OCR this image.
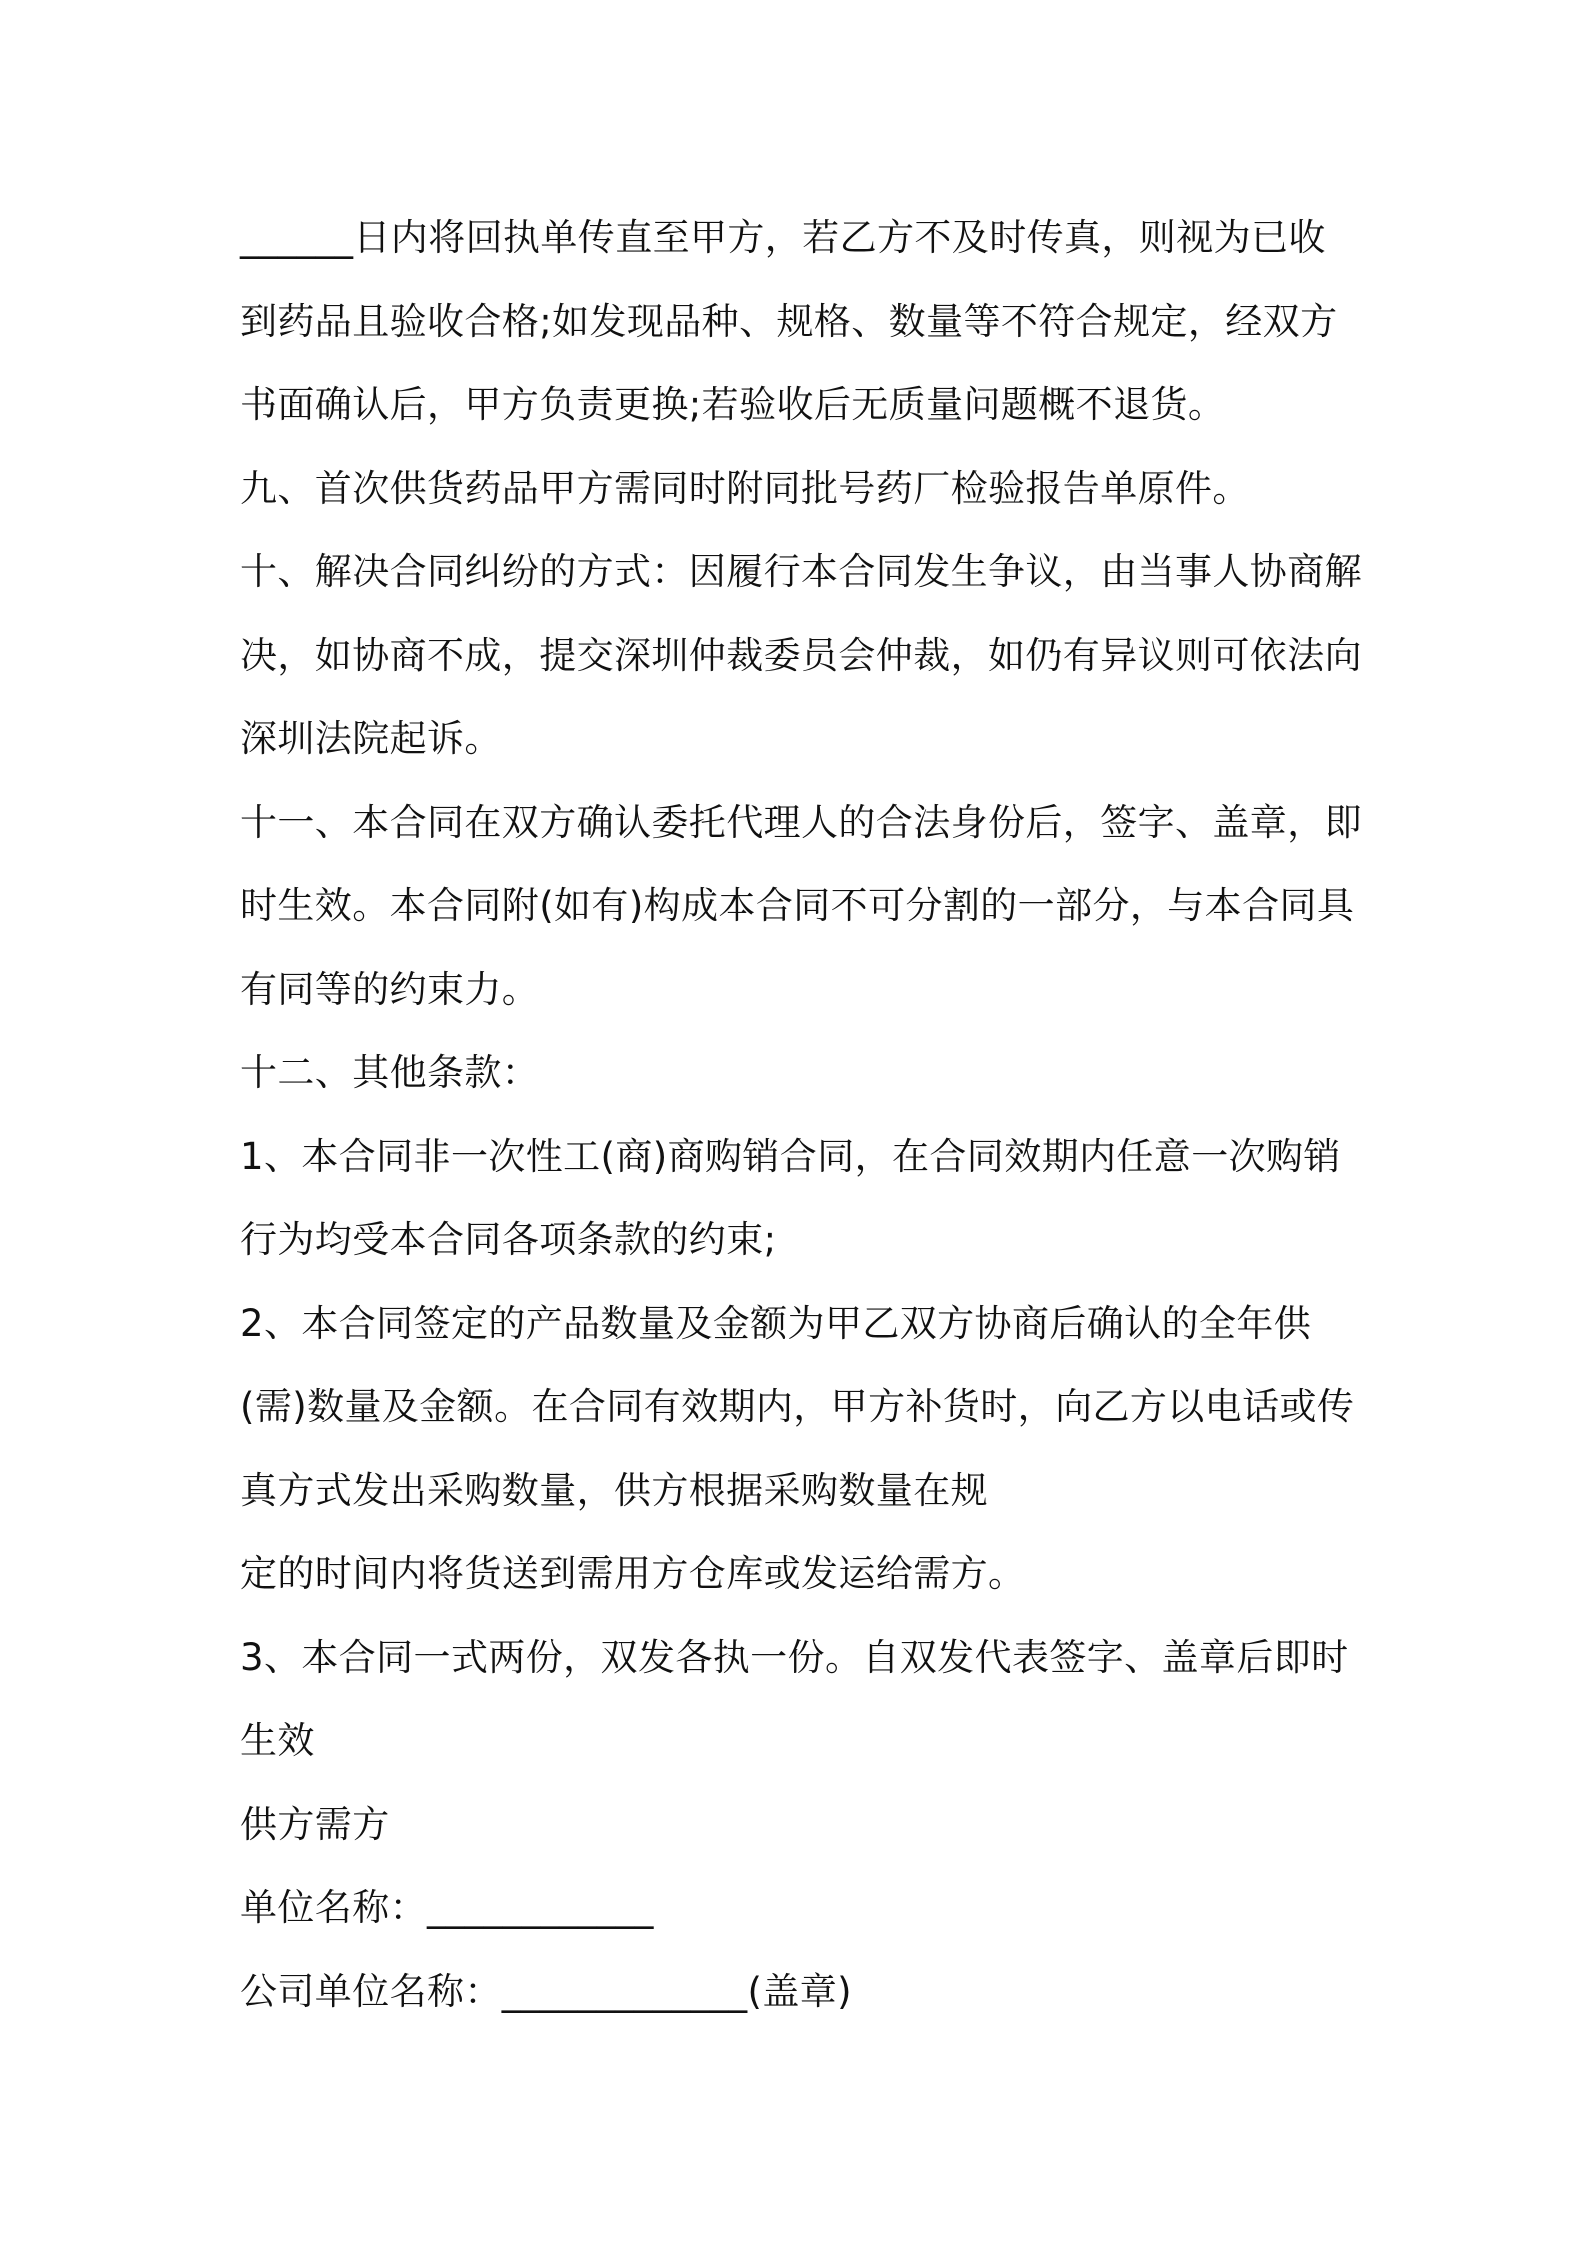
______日内将回执单传直至甲方，若乙方不及时传真，则视为已收
到药品且验收合格;如发现品种、规格、数量等不符合规定，经双方
书面确认后，甲方负责更换;若验收后无质量问题概不退货。
九、首次供货药品甲方需同时附同批号药厂检验报告单原件。
十、解决合同纠纷的方式：因履行本合同发生争议，由当事人协商解
决，如协商不成，提交深圳仲裁委员会仲裁，如仍有异议则可依法向
深圳法院起诉。
十一、本合同在双方确认委托代理人的合法身份后，签字、盖章，即
时生效。本合同附(如有)构成本合同不可分割的一部分，与本合同具
有同等的约束力。
十二、其他条款：
1、本合同非一次性工(商)商购销合同，在合同效期内任意一次购销
行为均受本合同各项条款的约束;
2、本合同签定的产品数量及金额为甲乙双方协商后确认的全年供
(需)数量及金额。在合同有效期内，甲方补货时，向乙方以电话或传
真方式发出采购数量，供方根据采购数量在规
定的时间内将货送到需用方仓库或发运给需方。
3、本合同一式两份，双发各执一份。自双发代表签字、盖章后即时
生效
供方需方
单位名称：____________
公司单位名称：_____________(盖章)
